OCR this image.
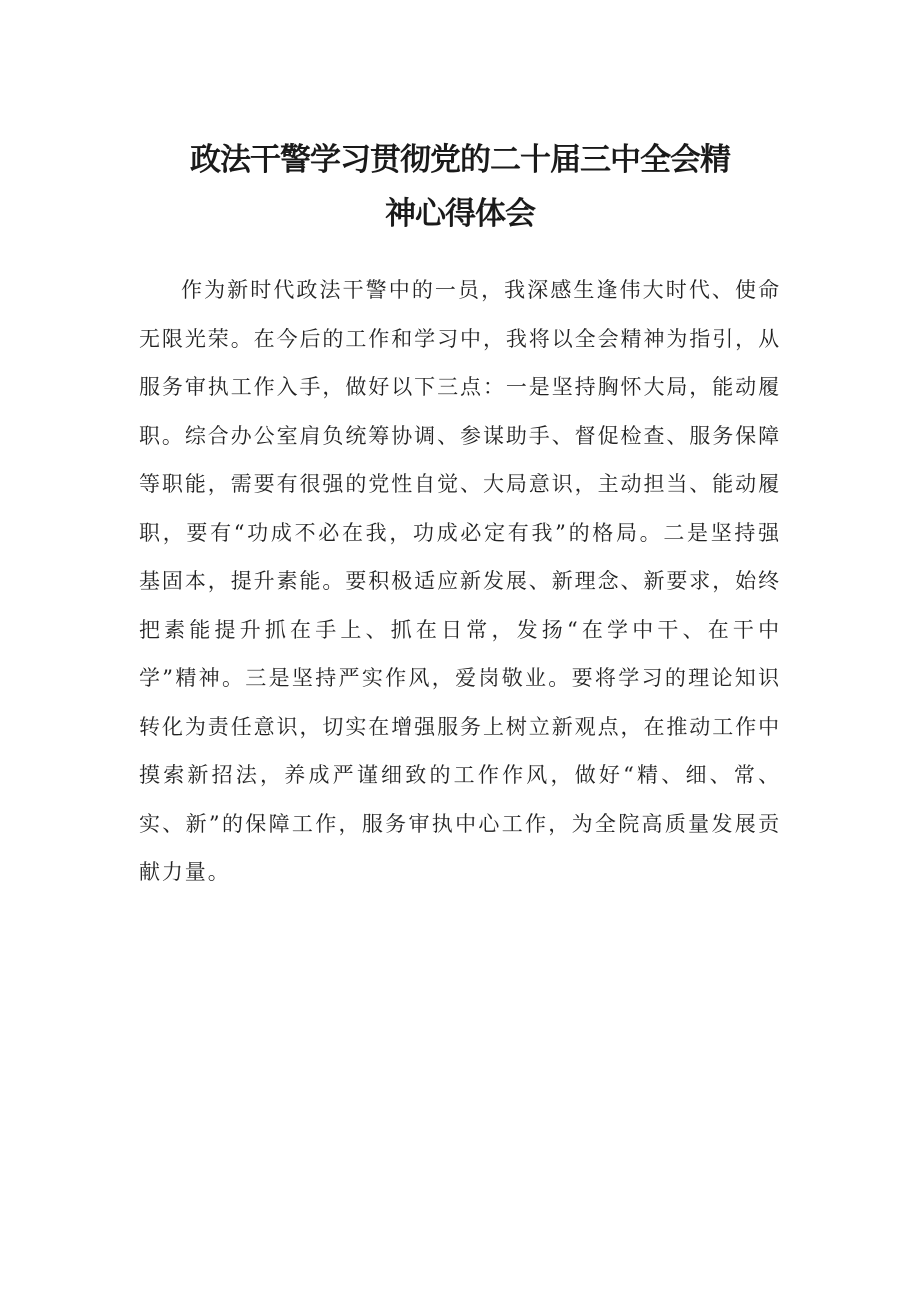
政法干警学习贯彻党的二十届三中全会精
神心得体会

作为新时代政法干警中的一员，我深感生逢伟大时代、使命无限光荣。在今后的工作和学习中，我将以全会精神为指引，从服务审执工作入手，做好以下三点：一是坚持胸怀大局，能动履职。综合办公室肩负统筹协调、参谋助手、督促检查、服务保障等职能，需要有很强的党性自觉、大局意识，主动担当、能动履职，要有“功成不必在我，功成必定有我”的格局。二是坚持强基固本，提升素能。要积极适应新发展、新理念、新要求，始终把素能提升抓在手上、抓在日常，发扬“在学中干、在干中学”精神。三是坚持严实作风，爱岗敬业。要将学习的理论知识转化为责任意识，切实在增强服务上树立新观点，在推动工作中摸索新招法，养成严谨细致的工作作风，做好“精、细、常、实、新”的保障工作，服务审执中心工作，为全院高质量发展贡献力量。
